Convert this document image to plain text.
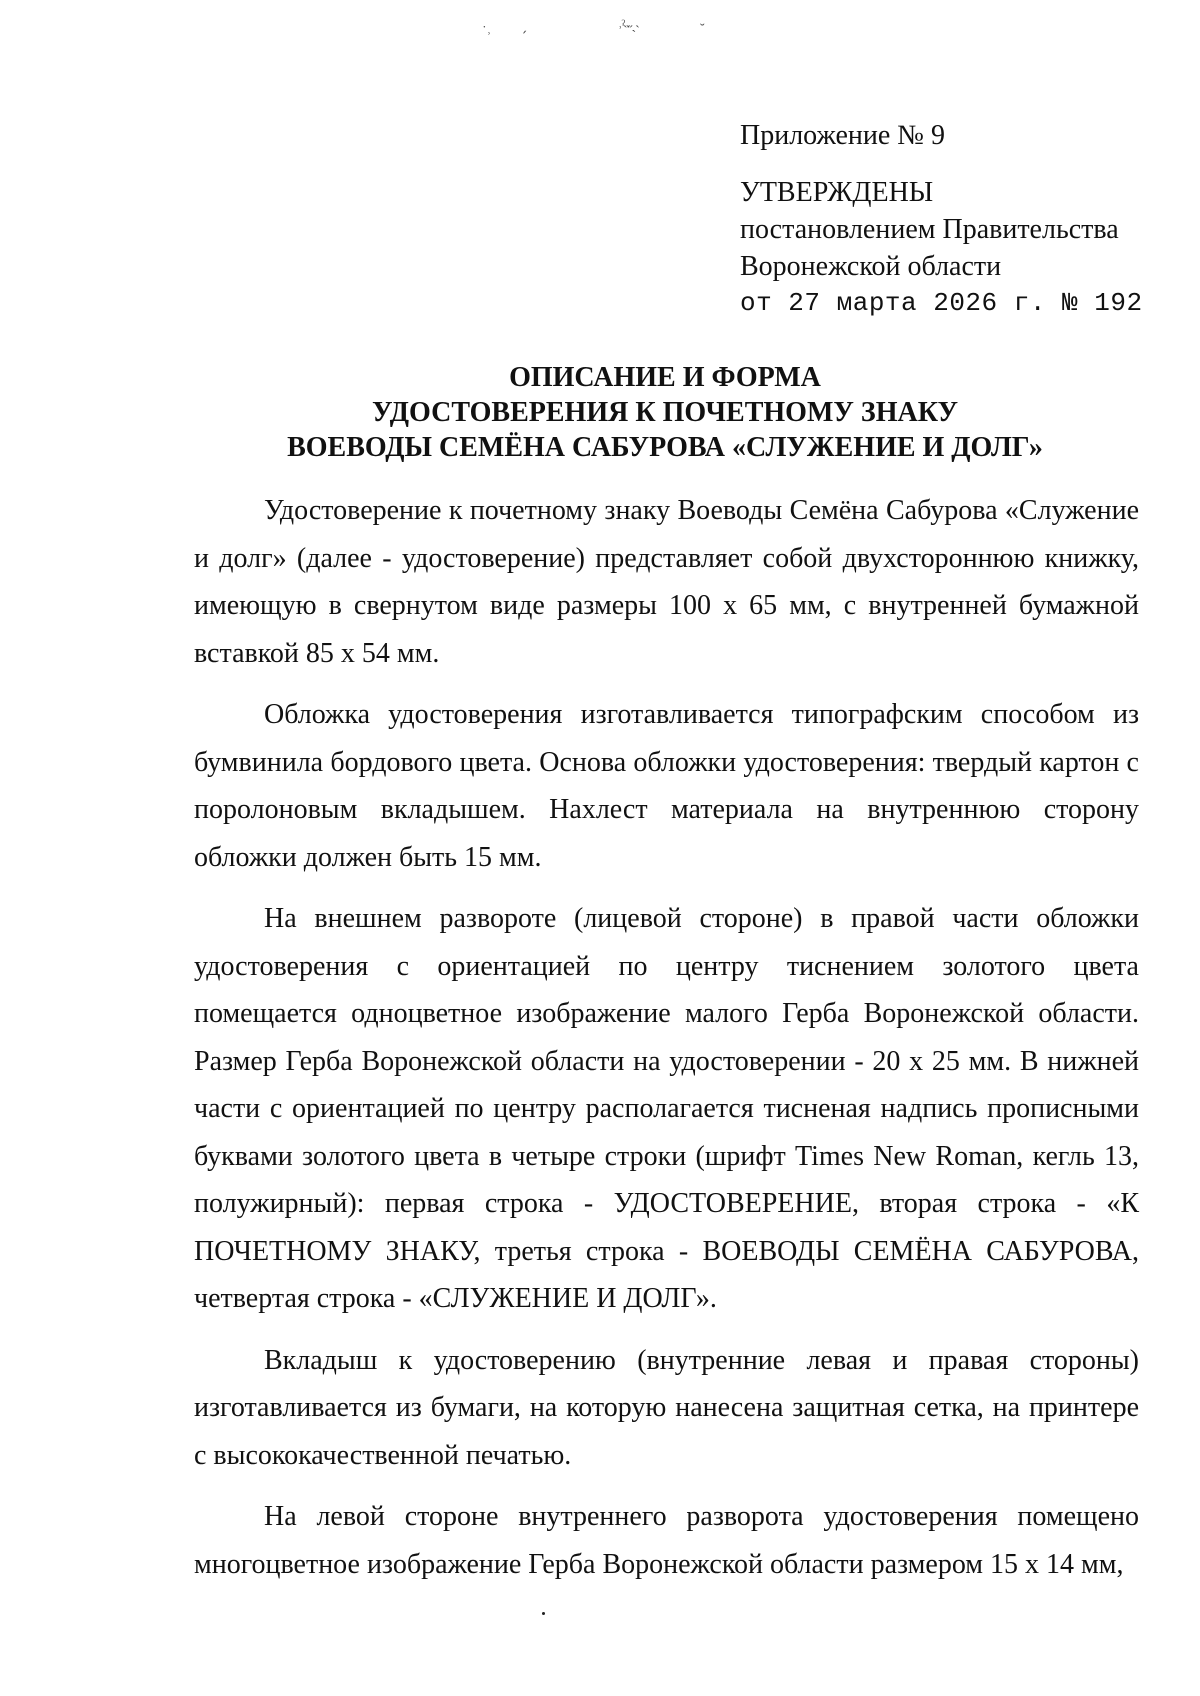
˙˒ ՛
˒ˀ˵˶ˏ˴	˘
Приложение № 9
УТВЕРЖДЕНЫ
постановлением Правительства
Воронежской области
от 27 марта 2026 г. № 192
ОПИСАНИЕ И ФОРМА
УДОСТОВЕРЕНИЯ К ПОЧЕТНОМУ ЗНАКУ
ВОЕВОДЫ СЕМЁНА САБУРОВА «СЛУЖЕНИЕ И ДОЛГ»

Удостоверение к почетному знаку Воеводы Семёна Сабурова «Служение и долг» (далее - удостоверение) представляет собой двухстороннюю книжку, имеющую в свернутом виде размеры 100 x 65 мм, с внутренней бумажной вставкой 85 x 54 мм.

Обложка удостоверения изготавливается типографским способом из бумвинила бордового цвета. Основа обложки удостоверения: твердый картон с поролоновым вкладышем. Нахлест материала на внутреннюю сторону обложки должен быть 15 мм.

На внешнем развороте (лицевой стороне) в правой части обложки удостоверения с ориентацией по центру тиснением золотого цвета помещается одноцветное изображение малого Герба Воронежской области. Размер Герба Воронежской области на удостоверении - 20 x 25 мм. В нижней части с ориентацией по центру располагается тисненая надпись прописными буквами золотого цвета в четыре строки (шрифт Times New Roman, кегль 13, полужирный): первая строка - УДОСТОВЕРЕНИЕ, вторая строка - «К ПОЧЕТНОМУ ЗНАКУ, третья строка - ВОЕВОДЫ СЕМЁНА САБУРОВА, четвертая строка - «СЛУЖЕНИЕ И ДОЛГ».

Вкладыш к удостоверению (внутренние левая и правая стороны) изготавливается из бумаги, на которую нанесена защитная сетка, на принтере с высококачественной печатью.

На левой стороне внутреннего разворота удостоверения помещено многоцветное изображение Герба Воронежской области размером 15 x 14 мм,
